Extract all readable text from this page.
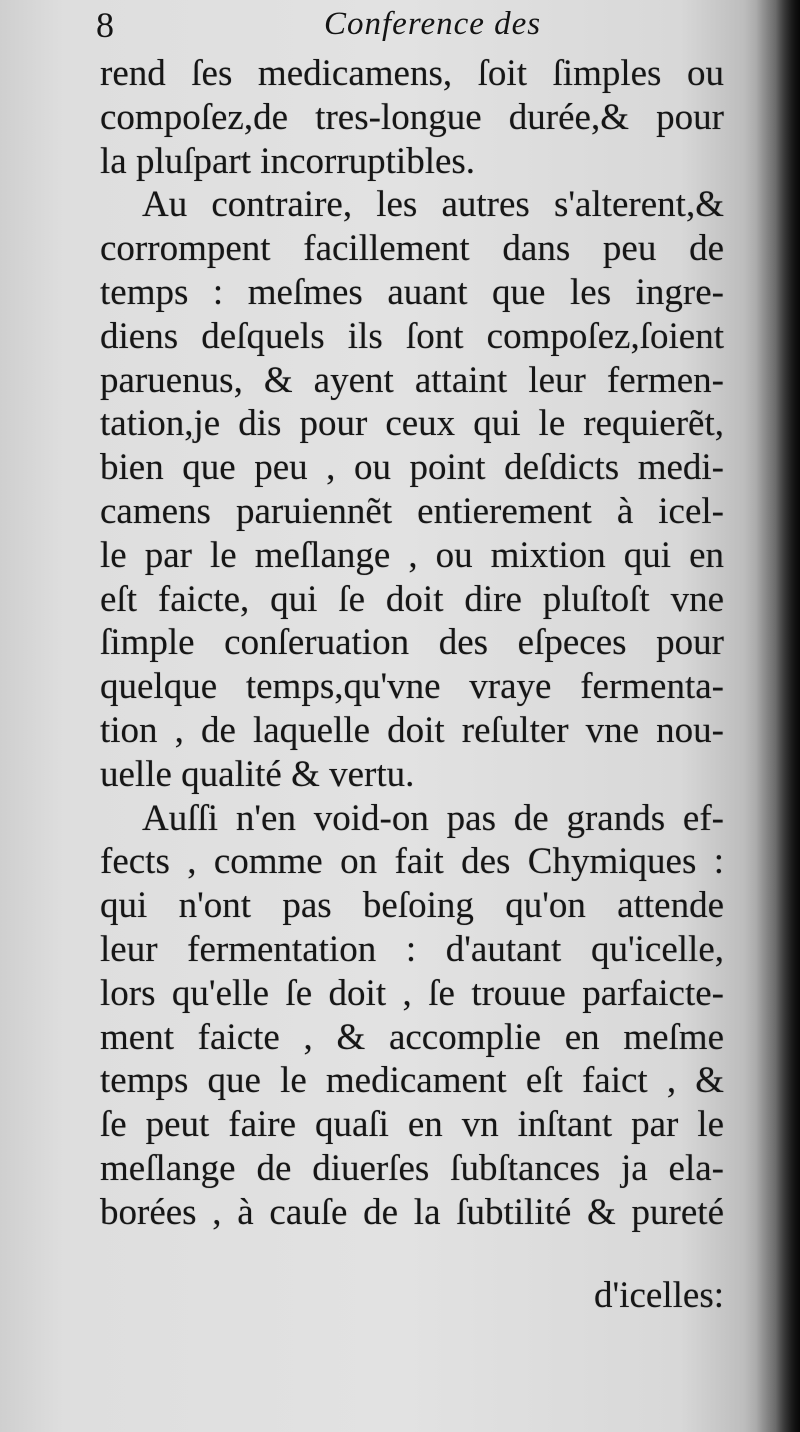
8	Conference des
rend ſes medicamens, ſoit ſimples ou
compoſez,de tres-longue durée,& pour
la pluſpart incorruptibles.
Au contraire, les autres s'alterent,&
corrompent facillement dans peu de
temps : meſmes auant que les ingre-
diens deſquels ils ſont compoſez,ſoient
paruenus, & ayent attaint leur fermen-
tation,je dis pour ceux qui le requierẽt,
bien que peu , ou point deſdicts medi-
camens paruiennẽt entierement à icel-
le par le meſlange , ou mixtion qui en
eſt faicte, qui ſe doit dire pluſtoſt vne
ſimple conſeruation des eſpeces pour
quelque temps,qu'vne vraye fermenta-
tion , de laquelle doit reſulter vne nou-
uelle qualité & vertu.
Auſſi n'en void-on pas de grands ef-
fects , comme on fait des Chymiques :
qui n'ont pas beſoing qu'on attende
leur fermentation : d'autant qu'icelle,
lors qu'elle ſe doit , ſe trouue parfaicte-
ment faicte , & accomplie en meſme
temps que le medicament eſt faict , &
ſe peut faire quaſi en vn inſtant par le
meſlange de diuerſes ſubſtances ja ela-
borées , à cauſe de la ſubtilité & pureté
d'icelles:
